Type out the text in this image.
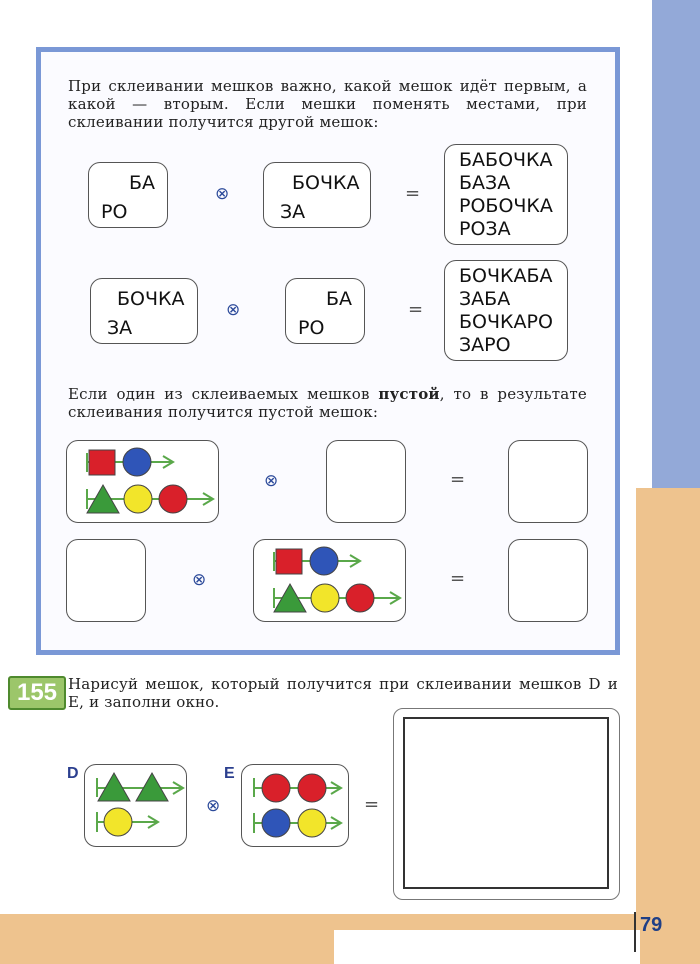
79
При склеивании мешков важно, какой мешок идёт первым, а какой — вторым. Если мешки поменять местами, при склеивании получится другой мешок:
БА
РО
⊗	БОЧКА
ЗА
=
БАБОЧКА
БАЗА
РОБОЧКА
РОЗА
БОЧКА
ЗА
⊗	БА
РО
=
БОЧКАБА
ЗАБА
БОЧКАРО
ЗАРО
Если один из склеиваемых мешков пустой, то в результате склеивания получится пустой мешок:
⊗	=
⊗	=
155 Нарисуй мешок, который получится при склеивании мешков D и E, и заполни окно.
D
⊗
E
=
